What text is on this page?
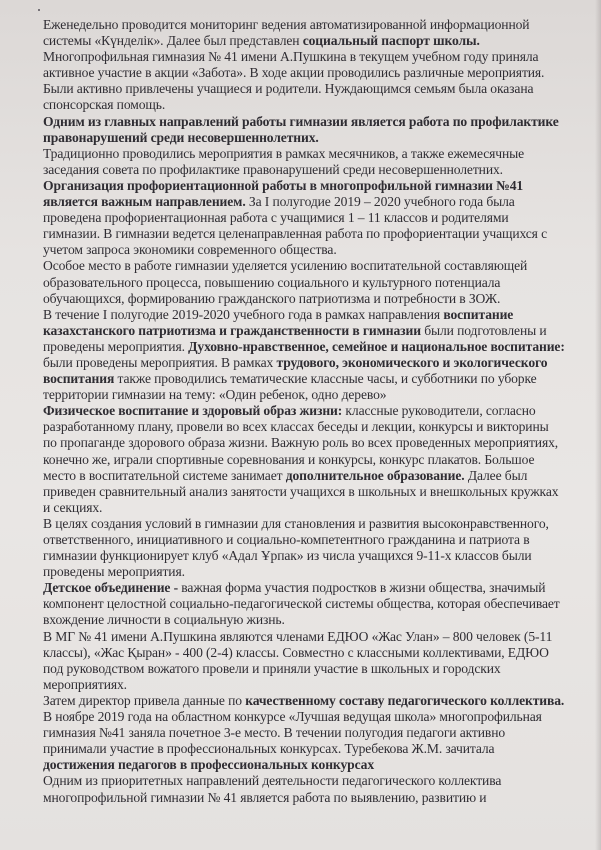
Еженедельно проводится мониторинг ведения автоматизированной информационной системы «Күнделік». Далее был представлен социальный паспорт школы. Многопрофильная гимназия № 41 имени А.Пушкина в текущем учебном году приняла активное участие в акции «Забота». В ходе акции проводились различные мероприятия. Были активно привлечены учащиеся и родители. Нуждающимся семьям была оказана спонсорская помощь.

Одним из главных направлений работы гимназии является работа по профилактике правонарушений среди несовершеннолетних.

Традиционно проводились мероприятия в рамках месячников, а также ежемесячные заседания совета по профилактике правонарушений среди несовершеннолетних.

Организация профориентационной работы в многопрофильной гимназии №41 является важным направлением. За I полугодие 2019 – 2020 учебного года была проведена профориентационная работа с учащимися 1 – 11 классов и родителями гимназии. В гимназии ведется целенаправленная работа по профориентации учащихся с учетом запроса экономики современного общества.

Особое место в работе гимназии уделяется усилению воспитательной составляющей образовательного процесса, повышению социального и культурного потенциала обучающихся, формированию гражданского патриотизма и потребности в ЗОЖ.

В течение I полугодие 2019-2020 учебного года в рамках направления воспитание казахстанского патриотизма и гражданственности в гимназии были подготовлены и проведены мероприятия. Духовно-нравственное, семейное и национальное воспитание: были проведены мероприятия. В рамках трудового, экономического и экологического воспитания также проводились тематические классные часы, и субботники по уборке территории гимназии на тему: «Один ребенок, одно дерево»

Физическое воспитание и здоровый образ жизни: классные руководители, согласно разработанному плану, провели во всех классах беседы и лекции, конкурсы и викторины по пропаганде здорового образа жизни. Важную роль во всех проведенных мероприятиях, конечно же, играли спортивные соревнования и конкурсы, конкурс плакатов. Большое место в воспитательной системе занимает дополнительное образование. Далее был приведен сравнительный анализ занятости учащихся в школьных и внешкольных кружках и секциях.

В целях создания условий в гимназии для становления и развития высоконравственного, ответственного, инициативного и социально-компетентного гражданина и патриота в гимназии функционирует клуб «Адал Ұрпак» из числа учащихся 9-11-х классов были проведены мероприятия.

Детское объединение - важная форма участия подростков в жизни общества, значимый компонент целостной социально-педагогической системы общества, которая обеспечивает вхождение личности в социальную жизнь.

В МГ № 41 имени А.Пушкина являются членами ЕДЮО «Жас Улан» – 800 человек (5-11 классы), «Жас Қыран» - 400 (2-4) классы. Совместно с классными коллективами, ЕДЮО под руководством вожатого провели и приняли участие в школьных и городских мероприятиях.

Затем директор привела данные по качественному составу педагогического коллектива. В ноябре 2019 года на областном конкурсе «Лучшая ведущая школа» многопрофильная гимназия №41 заняла почетное 3-е место. В течении полугодия педагоги активно принимали участие в профессиональных конкурсах. Туребекова Ж.М. зачитала достижения педагогов в профессиональных конкурсах

Одним из приоритетных направлений деятельности педагогического коллектива многопрофильной гимназии № 41 является работа по выявлению, развитию и
